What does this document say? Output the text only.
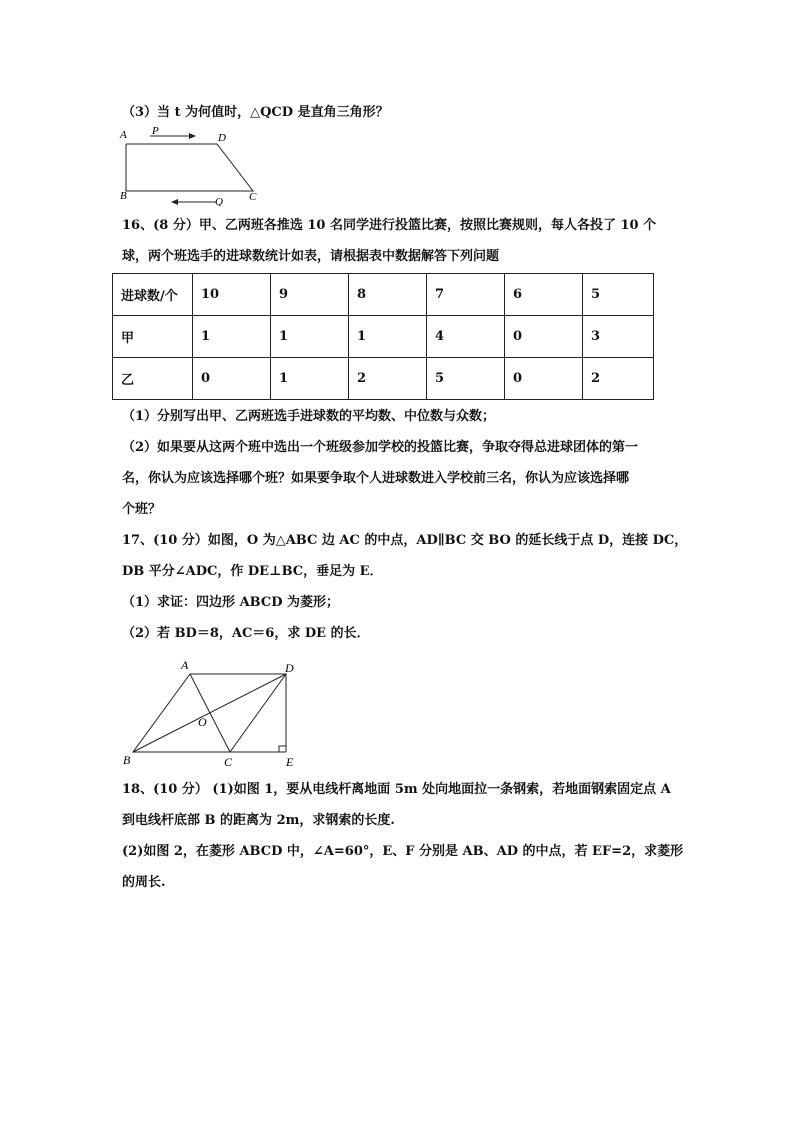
（3）当 t 为何值时，△QCD 是直角三角形？
A P
D
B	Q C
16、(8 分）甲、乙两班各推选 10 名同学进行投篮比赛，按照比赛规则，每人各投了 10 个
球，两个班选手的进球数统计如表，请根据表中数据解答下列问题
进球数/个	10	9	8	7	6	5
甲	1	1	1	4	0	3
乙	0	1	2	5	0	2
（1）分别写出甲、乙两班选手进球数的平均数、中位数与众数；
（2）如果要从这两个班中选出一个班级参加学校的投篮比赛，争取夺得总进球团体的第一
名，你认为应该选择哪个班？如果要争取个人进球数进入学校前三名，你认为应该选择哪
个班？
17、(10 分）如图，O 为△ABC 边 AC 的中点，AD∥BC 交 BO 的延长线于点 D，连接 DC，
DB 平分∠ADC，作 DE⊥BC，垂足为 E．
（1）求证：四边形 ABCD 为菱形；
（2）若 BD＝8，AC＝6，求 DE 的长．
A	D
O
B	C	E
18、(10 分） (1)如图 1，要从电线杆离地面 5m 处向地面拉一条钢索，若地面钢索固定点 A
到电线杆底部 B 的距离为 2m，求钢索的长度.
(2)如图 2，在菱形 ABCD 中，∠A=60°，E、F 分别是 AB、AD 的中点，若 EF=2，求菱形
的周长.
